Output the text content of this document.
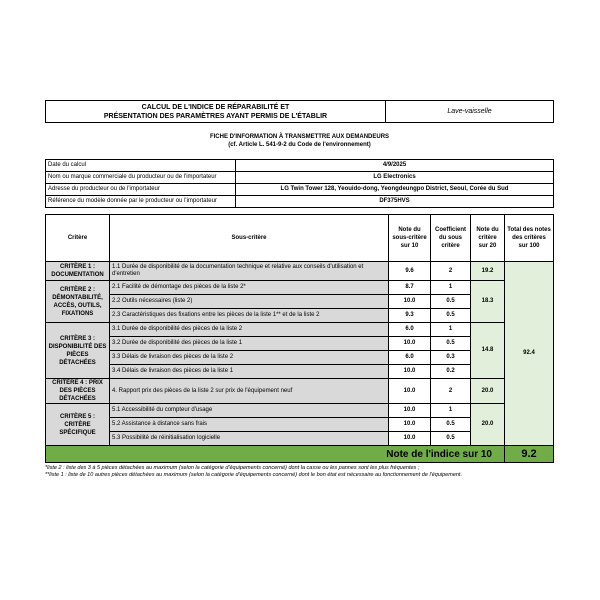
CALCUL DE L'INDICE DE RÉPARABILITÉ ET
PRÉSENTATION DES PARAMÈTRES AYANT PERMIS DE L'ÉTABLIR
	Lave-vaisselle
FICHE D'INFORMATION À TRANSMETTRE AUX DEMANDEURS
(cf. Article L. 541-9-2 du Code de l'environnement)
Date du calcul	4/9/2025
Nom ou marque commerciale du producteur ou de l'importateur	LG Electronics
Adresse du producteur ou de l'importateur	LG Twin Tower 128, Yeouido-dong, Yeongdeungpo District, Seoul, Corée du Sud
Référence du modèle donnée par le producteur ou l'importateur	DF375HVS
Critère	Sous-critère	Note du sous-critère sur 10	Coefficient du sous critère	Note du critère sur 20	Total des notes des critères sur 100
CRITÈRE 1 : DOCUMENTATION	1.1 Durée de disponibilité de la documentation technique et relative aux conseils d'utilisation et d'entretien	9.6	2	19.2	92.4
CRITÈRE 2 : DÉMONTABILITÉ, ACCÈS, OUTILS, FIXATIONS	2.1 Facilité de démontage des pièces de la liste 2*	8.7	1	18.3	
	2.2 Outils nécessaires (liste 2)	10.0	0.5		
	2.3 Caractéristiques des fixations entre les pièces de la liste 1** et de la liste 2	9.3	0.5		
CRITÈRE 3 : DISPONIBILITÉ DES PIÈCES DÉTACHÉES	3.1 Durée de disponibilité des pièces de la liste 2	6.0	1	14.8	
	3.2 Durée de disponibilité des pièces de la liste 1	10.0	0.5		
	3.3 Délais de livraison des pièces de la liste 2	6.0	0.3		
	3.4 Délais de livraison des pièces de la liste 1	10.0	0.2		
CRITÈRE 4 : PRIX DES PIÈCES DÉTACHÉES	4. Rapport prix des pièces de la liste 2 sur prix de l'équipement neuf	10.0	2	20.0	
CRITÈRE 5 : CRITÈRE SPÉCIFIQUE	5.1 Accessibilité du compteur d'usage	10.0	1	20.0	
	5.2 Assistance à distance sans frais	10.0	0.5		
	5.3 Possibilité de réinitialisation logicielle	10.0	0.5		
Note de l'indice sur 10					9.2
*liste 2 : liste des 3 à 5 pièces détachées au maximum (selon la catégorie d'équipements concerné) dont la casse ou les pannes sont les plus fréquentes ;
**liste 1 : liste de 10 autres pièces détachées au maximum (selon la catégorie d'équipements concerné) dont le bon état est nécessaire au fonctionnement de l'équipement.
